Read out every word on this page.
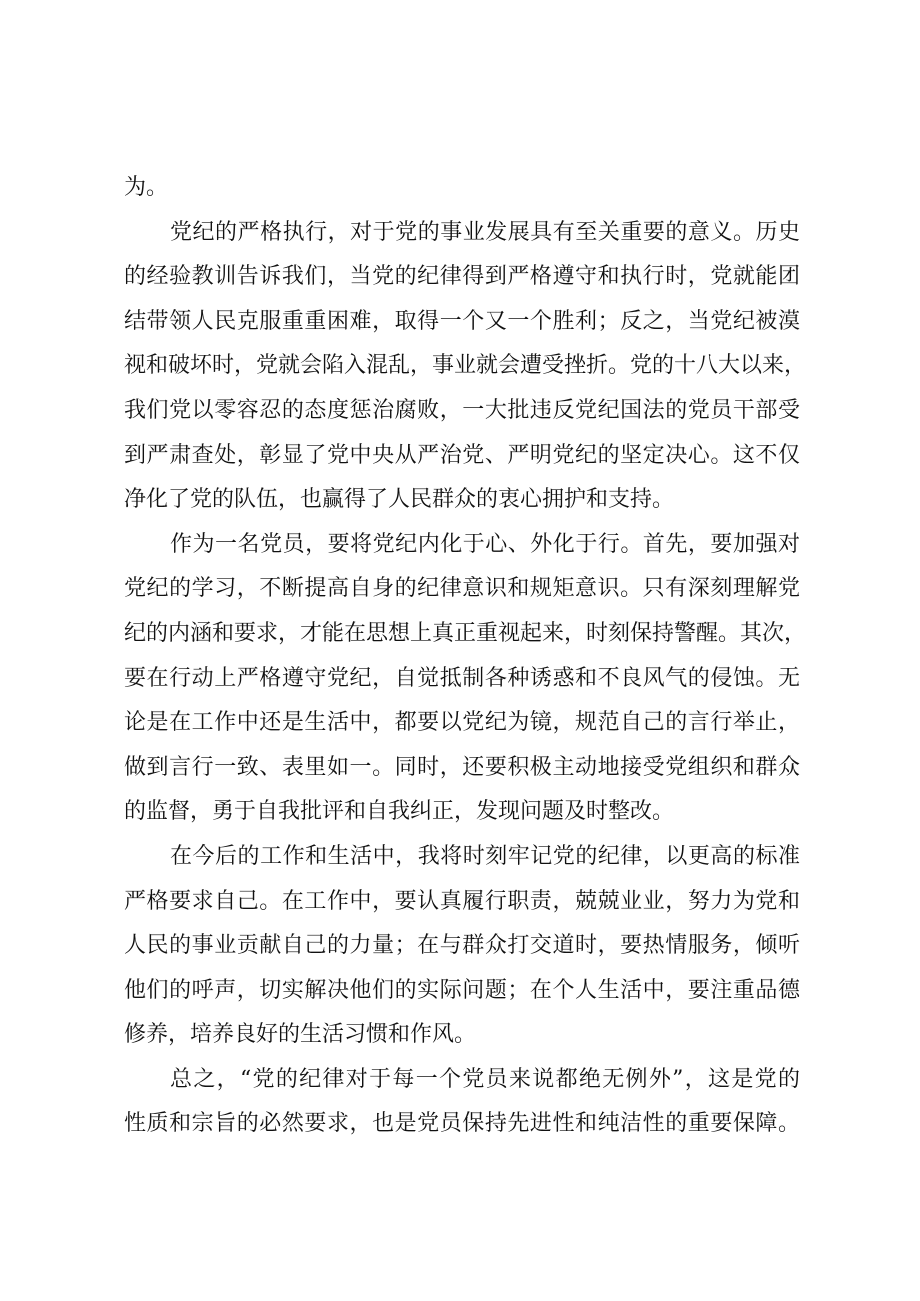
为。
党纪的严格执行，对于党的事业发展具有至关重要的意义。历史
的经验教训告诉我们，当党的纪律得到严格遵守和执行时，党就能团
结带领人民克服重重困难，取得一个又一个胜利；反之，当党纪被漠
视和破坏时，党就会陷入混乱，事业就会遭受挫折。党的十八大以来，
我们党以零容忍的态度惩治腐败，一大批违反党纪国法的党员干部受
到严肃查处，彰显了党中央从严治党、严明党纪的坚定决心。这不仅
净化了党的队伍，也赢得了人民群众的衷心拥护和支持。
作为一名党员，要将党纪内化于心、外化于行。首先，要加强对
党纪的学习，不断提高自身的纪律意识和规矩意识。只有深刻理解党
纪的内涵和要求，才能在思想上真正重视起来，时刻保持警醒。其次，
要在行动上严格遵守党纪，自觉抵制各种诱惑和不良风气的侵蚀。无
论是在工作中还是生活中，都要以党纪为镜，规范自己的言行举止，
做到言行一致、表里如一。同时，还要积极主动地接受党组织和群众
的监督，勇于自我批评和自我纠正，发现问题及时整改。
在今后的工作和生活中，我将时刻牢记党的纪律，以更高的标准
严格要求自己。在工作中，要认真履行职责，兢兢业业，努力为党和
人民的事业贡献自己的力量；在与群众打交道时，要热情服务，倾听
他们的呼声，切实解决他们的实际问题；在个人生活中，要注重品德
修养，培养良好的生活习惯和作风。
总之，“党的纪律对于每一个党员来说都绝无例外”，这是党的
性质和宗旨的必然要求，也是党员保持先进性和纯洁性的重要保障。
